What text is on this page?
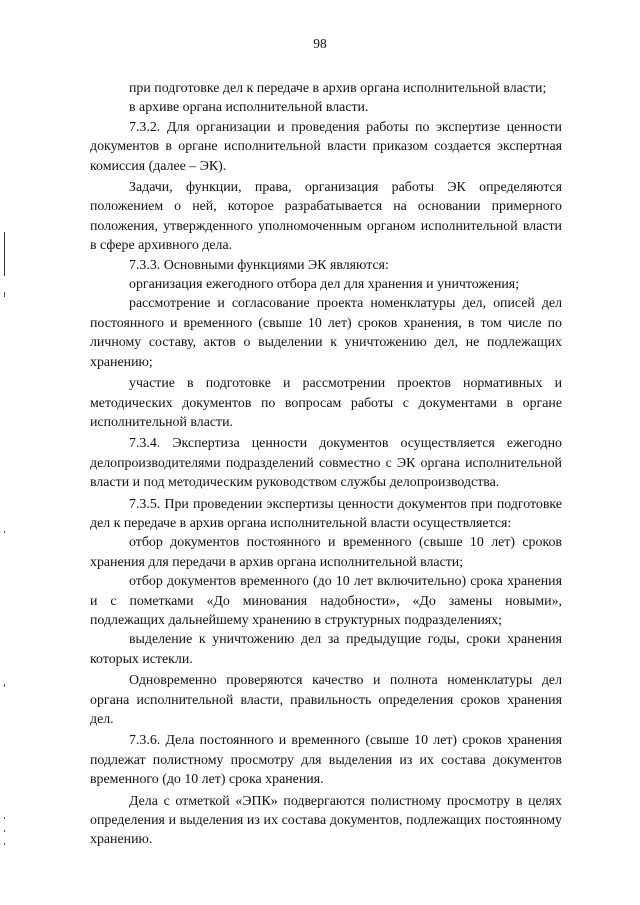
98

при подготовке дел к передаче в архив органа исполнительной власти;

в архиве органа исполнительной власти.

7.3.2. Для организации и проведения работы по экспертизе ценности документов в органе исполнительной власти приказом создается экспертная комиссия (далее – ЭК).

Задачи, функции, права, организация работы ЭК определяются положением о ней, которое разрабатывается на основании примерного положения, утвержденного уполномоченным органом исполнительной власти в сфере архивного дела.

7.3.3. Основными функциями ЭК являются:

организация ежегодного отбора дел для хранения и уничтожения;

рассмотрение и согласование проекта номенклатуры дел, описей дел постоянного и временного (свыше 10 лет) сроков хранения, в том числе по личному составу, актов о выделении к уничтожению дел, не подлежащих хранению;

участие в подготовке и рассмотрении проектов нормативных и методических документов по вопросам работы с документами в органе исполнительной власти.

7.3.4. Экспертиза ценности документов осуществляется ежегодно делопроизводителями подразделений совместно с ЭК органа исполнительной власти и под методическим руководством службы делопроизводства.

7.3.5. При проведении экспертизы ценности документов при подготовке дел к передаче в архив органа исполнительной власти осуществляется:

отбор документов постоянного и временного (свыше 10 лет) сроков хранения для передачи в архив органа исполнительной власти;

отбор документов временного (до 10 лет включительно) срока хранения и с пометками «До минования надобности», «До замены новыми», подлежащих дальнейшему хранению в структурных подразделениях;

выделение к уничтожению дел за предыдущие годы, сроки хранения которых истекли.

Одновременно проверяются качество и полнота номенклатуры дел органа исполнительной власти, правильность определения сроков хранения дел.

7.3.6. Дела постоянного и временного (свыше 10 лет) сроков хранения подлежат полистному просмотру для выделения из их состава документов временного (до 10 лет) срока хранения.

Дела с отметкой «ЭПК» подвергаются полистному просмотру в целях определения и выделения из их состава документов, подлежащих постоянному хранению.
